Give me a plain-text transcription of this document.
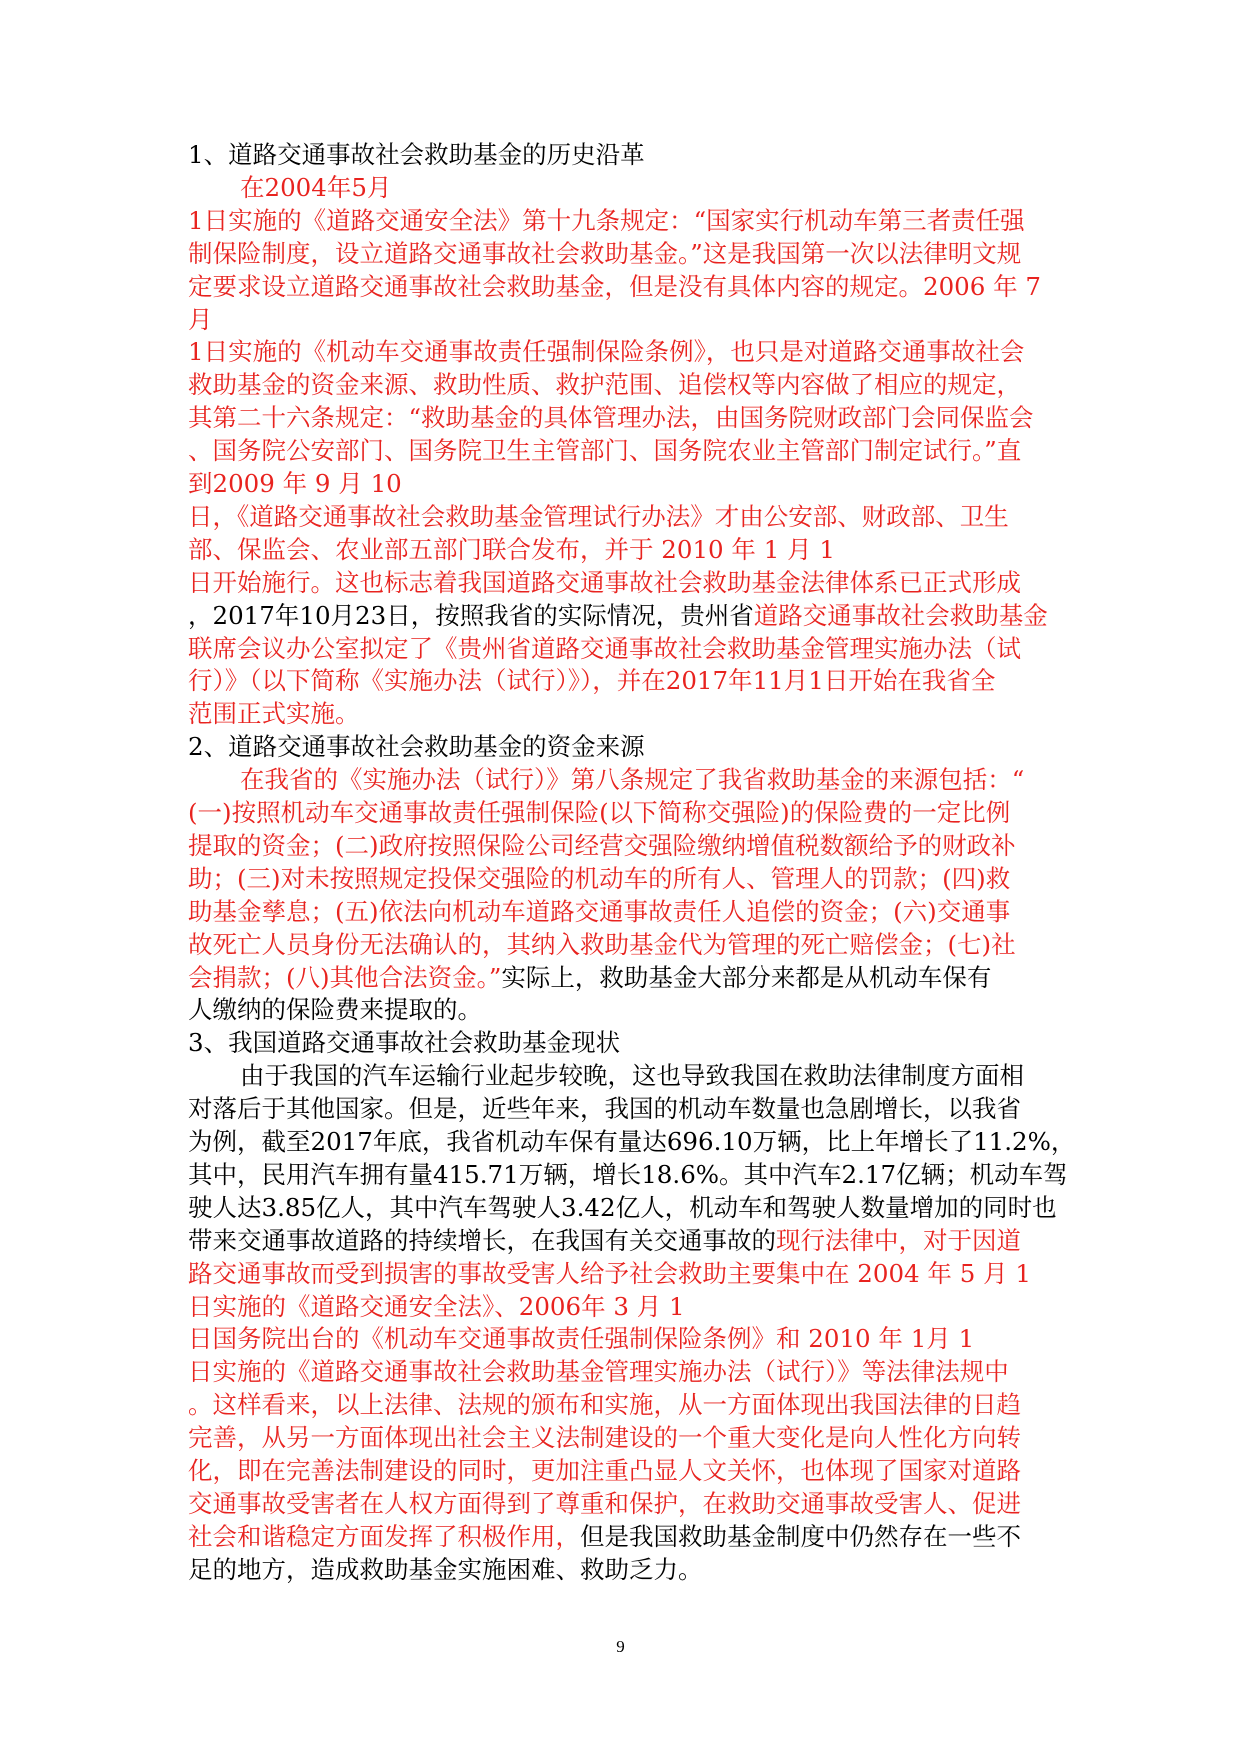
1、道路交通事故社会救助基金的历史沿革

在2004年5月

1日实施的《道路交通安全法》第十九条规定：“国家实行机动车第三者责任强

制保险制度，设立道路交通事故社会救助基金。”这是我国第一次以法律明文规

定要求设立道路交通事故社会救助基金，但是没有具体内容的规定。2006 年 7

月

1日实施的《机动车交通事故责任强制保险条例》，也只是对道路交通事故社会

救助基金的资金来源、救助性质、救护范围、追偿权等内容做了相应的规定，

其第二十六条规定：“救助基金的具体管理办法，由国务院财政部门会同保监会

、国务院公安部门、国务院卫生主管部门、国务院农业主管部门制定试行。”直

到2009 年 9 月 10

日，《道路交通事故社会救助基金管理试行办法》才由公安部、财政部、卫生

部、保监会、农业部五部门联合发布，并于 2010 年 1 月 1

日开始施行。这也标志着我国道路交通事故社会救助基金法律体系已正式形成

，2017年10月23日，按照我省的实际情况，贵州省道路交通事故社会救助基金

联席会议办公室拟定了《贵州省道路交通事故社会救助基金管理实施办法（试

行）》（以下简称《实施办法（试行）》），并在2017年11月1日开始在我省全

范围正式实施。

2、道路交通事故社会救助基金的资金来源

在我省的《实施办法（试行）》第八条规定了我省救助基金的来源包括：“

(一)按照机动车交通事故责任强制保险(以下简称交强险)的保险费的一定比例

提取的资金；(二)政府按照保险公司经营交强险缴纳增值税数额给予的财政补

助；(三)对未按照规定投保交强险的机动车的所有人、管理人的罚款；(四)救

助基金孳息；(五)依法向机动车道路交通事故责任人追偿的资金；(六)交通事

故死亡人员身份无法确认的，其纳入救助基金代为管理的死亡赔偿金；(七)社

会捐款；(八)其他合法资金。”实际上，救助基金大部分来都是从机动车保有

人缴纳的保险费来提取的。

3、我国道路交通事故社会救助基金现状

由于我国的汽车运输行业起步较晚，这也导致我国在救助法律制度方面相

对落后于其他国家。但是，近些年来，我国的机动车数量也急剧增长，以我省

为例，截至2017年底，我省机动车保有量达696.10万辆，比上年增长了11.2%，

其中，民用汽车拥有量415.71万辆，增长18.6%。其中汽车2.17亿辆；机动车驾

驶人达3.85亿人，其中汽车驾驶人3.42亿人，机动车和驾驶人数量增加的同时也

带来交通事故道路的持续增长，在我国有关交通事故的现行法律中，对于因道

路交通事故而受到损害的事故受害人给予社会救助主要集中在 2004 年 5 月 1

日实施的《道路交通安全法》、2006年 3 月 1

日国务院出台的《机动车交通事故责任强制保险条例》和 2010 年 1月 1

日实施的《道路交通事故社会救助基金管理实施办法（试行）》等法律法规中

。这样看来，以上法律、法规的颁布和实施，从一方面体现出我国法律的日趋

完善，从另一方面体现出社会主义法制建设的一个重大变化是向人性化方向转

化，即在完善法制建设的同时，更加注重凸显人文关怀，也体现了国家对道路

交通事故受害者在人权方面得到了尊重和保护，在救助交通事故受害人、促进

社会和谐稳定方面发挥了积极作用，但是我国救助基金制度中仍然存在一些不

足的地方，造成救助基金实施困难、救助乏力。

9
